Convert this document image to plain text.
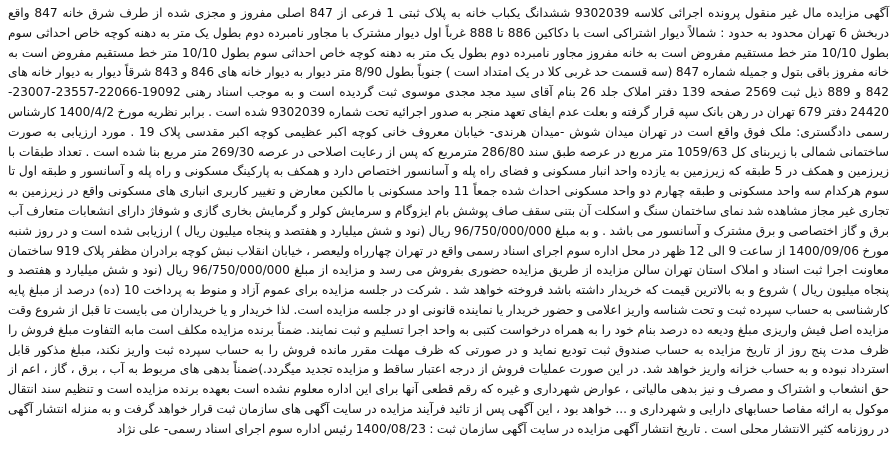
آگهی مزایده مال غیر منقول پرونده اجرائی کلاسه 9302039 ششدانگ یکباب خانه به پلاک ثبتی 1 فرعی از 847 اصلی مفروز و مجزی شده از طرف شرق خانه 847 واقع دربخش 6 تهران محدود به حدود : شمالاً دیوار اشتراکی است با دکاکین 886 تا 888 غرباً اول دیوار مشترک با مجاور نامبرده دوم بطول یک متر به دهنه کوچه خاص احداثی سوم بطول 10/10 متر خط مستقیم مفروض است به خانه مفروز مجاور نامبرده دوم بطول یک متر به دهنه کوچه خاص احداثی سوم بطول 10/10 متر خط مستقیم مفروض است به خانه مفروز باقی بتول و جمیله شماره 847 (سه قسمت حد غربی کلا در یک امتداد است ) جنوباً بطول 8/90 متر دیوار به دیوار خانه های 846 و 843 شرقاً دیوار به دیوار خانه های 842 و 889 ذیل ثبت 2569 صفحه 139 دفتر املاک جلد 26 بنام آقای سید مجد مجدی موسوی ثبت گردیده است و به موجب اسناد رهنی 19092-22066-23557-23007-24420 دفتر 679 تهران در رهن بانک سپه قرار گرفته و بعلت عدم ایفای تعهد منجر به صدور اجرائیه تحت شماره 9302039 شده است . برابر نظریه مورخ 1400/4/2 کارشناس رسمی دادگستری: ملک فوق واقع است در تهران میدان شوش -میدان هرندی- خیابان معروف خانی کوچه اکبر عظیمی کوچه اکبر مقدسی پلاک 19 . مورد ارزیابی به صورت ساختمانی شمالی با زیربنای کل 1059/63 متر مربع در عرصه طبق سند 286/80 مترمربع که پس از رعایت اصلاحی در عرصه 269/30 متر مربع بنا شده است . تعداد طبقات با زیرزمین و همکف در 5 طبقه که زیرزمین به یازده واحد انبار مسکونی و فضای راه پله و آسانسور اختصاص دارد و همکف به پارکینگ مسکونی و راه پله و آسانسور و طبقه اول تا سوم هرکدام سه واحد مسکونی و طبقه چهارم دو واحد مسکونی احداث شده جمعاً 11 واحد مسکونی با مالکین معارض و تغییر کاربری انباری های مسکونی واقع در زیرزمین به تجاری غیر مجاز مشاهده شد نمای ساختمان سنگ و اسکلت آن بتنی سقف صاف پوشش بام ایزوگام و سرمایش کولر و گرمایش بخاری گازی و شوفاژ دارای انشعابات متعارف آب برق و گاز اختصاصی و برق مشترک و آسانسور می باشد . و به مبلغ 96/750/000/000 ریال (نود و شش میلیارد و هفتصد و پنجاه میلیون ریال ) ارزیابی شده است و در روز شنبه مورخ 1400/09/06 از ساعت 9 الی 12 ظهر در محل اداره سوم اجرای اسناد رسمی واقع در تهران چهارراه ولیعصر ، خیابان انقلاب نبش کوچه برادران مظفر پلاک 919 ساختمان معاونت اجرا ثبت اسناد و املاک استان تهران سالن مزایده از طریق مزایده حضوری بفروش می رسد و مزایده از مبلغ 96/750/000/000 ریال (نود و شش میلیارد و هفتصد و پنجاه میلیون ریال ) شروع و به بالاترین قیمت که خریدار داشته باشد فروخته خواهد شد . شرکت در جلسه مزایده برای عموم آزاد و منوط به پرداخت 10 (ده) درصد از مبلغ پایه کارشناسی به حساب سپرده ثبت و تحت شناسه واریز اعلامی و حضور خریدار یا نماینده قانونی او در جلسه مزایده است. لذا خریدار و یا خریداران می بایست تا قبل از شروع وقت مزایده اصل فیش واریزی مبلغ ودیعه ده درصد بنام خود را به همراه درخواست کتبی به واحد اجرا تسلیم و ثبت نمایند. ضمناً برنده مزایده مکلف است مابه التفاوت مبلغ فروش را ظرف مدت پنج روز از تاریخ مزایده به حساب صندوق ثبت تودیع نماید و در صورتی که ظرف مهلت مقرر مانده فروش را به حساب سپرده ثبت واریز نکند، مبلغ مذکور قابل استرداد نبوده و به حساب خزانه واریز خواهد شد. در این صورت عملیات فروش از درجه اعتبار ساقط و مزایده تجدید میگردد.)ضمناً بدهی های مربوط به آب ، برق ، گاز ، اعم از حق انشعاب و اشتراک و مصرف و نیز بدهی مالیاتی ، عوارض شهرداری و غیره که رقم قطعی آنها برای این اداره معلوم نشده است بعهده برنده مزایده است و تنظیم سند انتقال موکول به ارائه مفاصا حسابهای دارایی و شهرداری و ... خواهد بود ، این آگهی پس از تائید فرآیند مزایده در سایت آگهی های سازمان ثبت قرار خواهد گرفت و به منزله انتشار آگهی در روزنامه کثیر الانتشار محلی است . تاریخ انتشار آگهی مزایده در سایت آگهی سازمان ثبت : 1400/08/23 رئیس اداره سوم اجرای اسناد رسمی- علی نژاد
